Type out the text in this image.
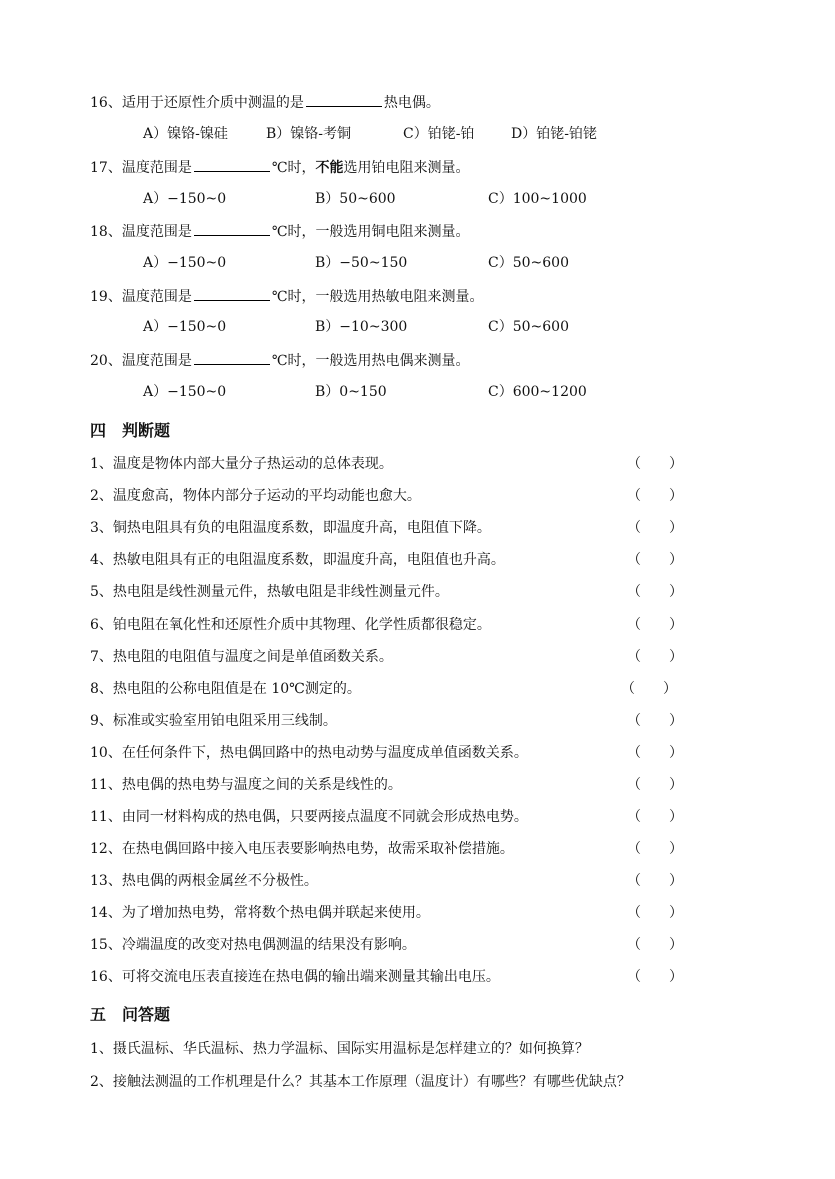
16、适用于还原性介质中测温的是	热电偶。
A）镍铬-镍硅	B）镍铬-考铜	C）铂铑-铂	D）铂铑-铂铑
17、温度范围是	℃时，不能选用铂电阻来测量。
A）−150~0	B）50~600	C）100~1000
18、温度范围是	℃时，一般选用铜电阻来测量。
A）−150~0	B）−50~150	C）50~600
19、温度范围是	℃时，一般选用热敏电阻来测量。
A）−150~0	B）−10~300	C）50~600
20、温度范围是	℃时，一般选用热电偶来测量。
A）−150~0	B）0~150	C）600~1200
四　判断题
1、温度是物体内部大量分子热运动的总体表现。	（　　）
2、温度愈高，物体内部分子运动的平均动能也愈大。	（　　）
3、铜热电阻具有负的电阻温度系数，即温度升高，电阻值下降。	（　　）
4、热敏电阻具有正的电阻温度系数，即温度升高，电阻值也升高。	（　　）
5、热电阻是线性测量元件，热敏电阻是非线性测量元件。	（　　）
6、铂电阻在氧化性和还原性介质中其物理、化学性质都很稳定。	（　　）
7、热电阻的电阻值与温度之间是单值函数关系。	（　　）
8、热电阻的公称电阻值是在 10℃测定的。	（　　）
9、标准或实验室用铂电阻采用三线制。	（　　）
10、在任何条件下，热电偶回路中的热电动势与温度成单值函数关系。	（　　）
11、热电偶的热电势与温度之间的关系是线性的。	（　　）
11、由同一材料构成的热电偶，只要两接点温度不同就会形成热电势。	（　　）
12、在热电偶回路中接入电压表要影响热电势，故需采取补偿措施。	（　　）
13、热电偶的两根金属丝不分极性。	（　　）
14、为了增加热电势，常将数个热电偶并联起来使用。	（　　）
15、冷端温度的改变对热电偶测温的结果没有影响。	（　　）
16、可将交流电压表直接连在热电偶的输出端来测量其输出电压。	（　　）
五　问答题
1、摄氏温标、华氏温标、热力学温标、国际实用温标是怎样建立的？如何换算？
2、接触法测温的工作机理是什么？其基本工作原理（温度计）有哪些？有哪些优缺点？
